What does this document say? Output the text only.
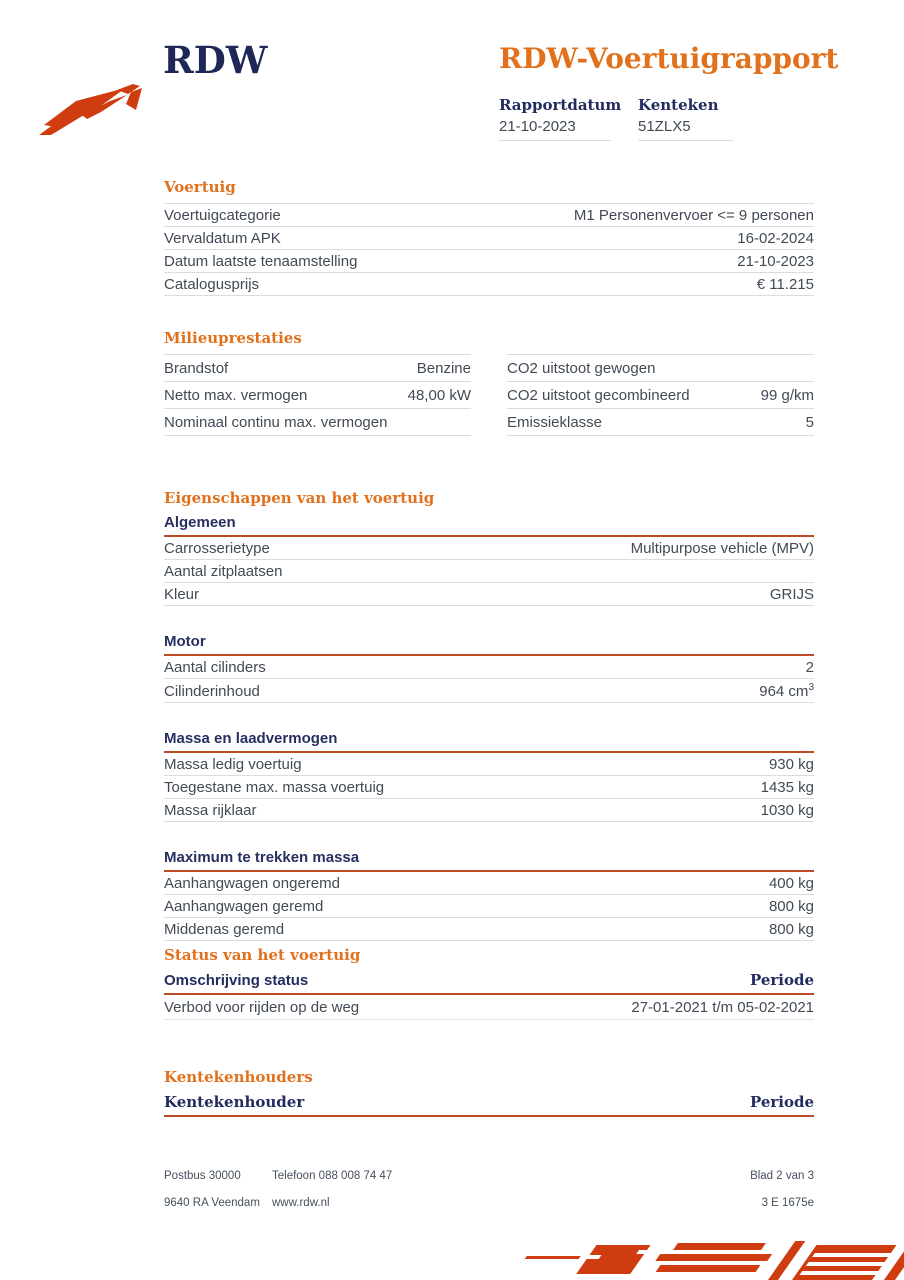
RDW	RDW-Voertuigrapport
Rapportdatum
21-10-2023
Kenteken
51ZLX5
Voertuig
Voertuigcategorie	M1 Personenvervoer <= 9 personen
Vervaldatum APK	16-02-2024
Datum laatste tenaamstelling	21-10-2023
Catalogusprijs	€ 11.215
Milieuprestaties
Brandstof	Benzine
Netto max. vermogen	48,00 kW
Nominaal continu max. vermogen	
CO2 uitstoot gewogen	
CO2 uitstoot gecombineerd	99 g/km
Emissieklasse	5
Eigenschappen van het voertuig
Algemeen
Carrosserietype	Multipurpose vehicle (MPV)
Aantal zitplaatsen	
Kleur	GRIJS
Motor
Aantal cilinders	2
Cilinderinhoud	964 $cm^3$
Massa en laadvermogen
Massa ledig voertuig	930 kg
Toegestane max. massa voertuig	1435 kg
Massa rijklaar	1030 kg
Maximum te trekken massa
Aanhangwagen ongeremd	400 kg
Aanhangwagen geremd	800 kg
Middenas geremd	800 kg
Status van het voertuig
Omschrijving status	Periode
Verbod voor rijden op de weg	27-01-2021 t/m 05-02-2021
Kentekenhouders
Kentekenhouder	Periode
Postbus 30000	Telefoon 088 008 74 47	Blad 2 van 3
9640 RA Veendam	www.rdw.nl	3 E 1675e
